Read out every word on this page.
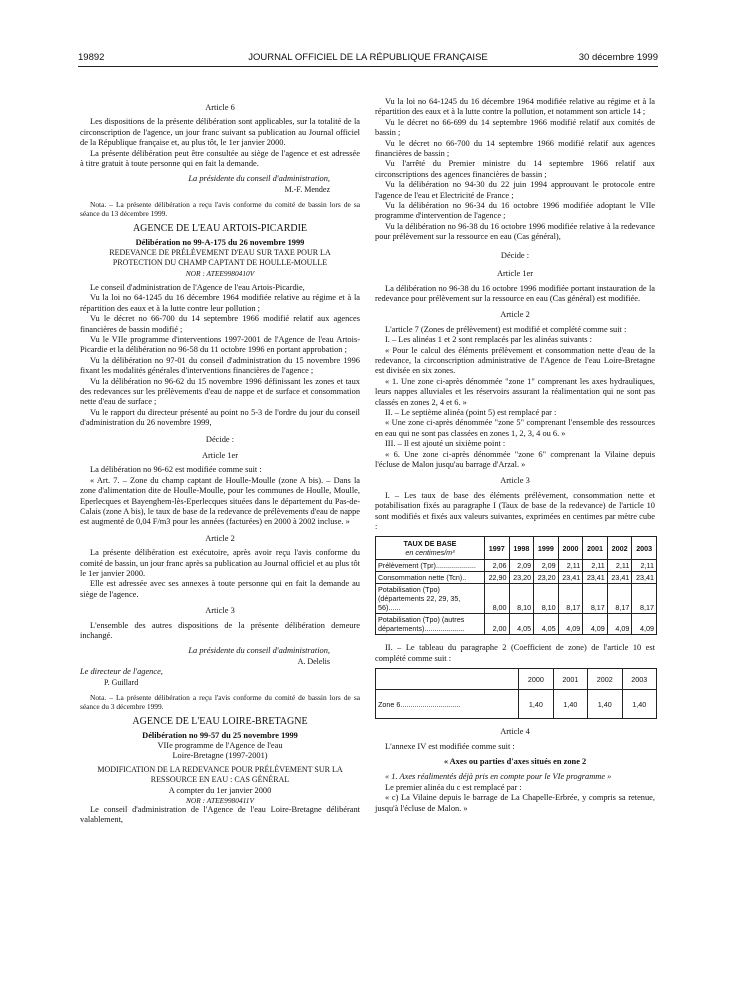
19892	JOURNAL OFFICIEL DE LA RÉPUBLIQUE FRANÇAISE	30 décembre 1999

Article 6

Les dispositions de la présente délibération sont applicables, sur la totalité de la circonscription de l'agence, un jour franc suivant sa publication au Journal officiel de la République française et, au plus tôt, le 1er janvier 2000.

La présente délibération peut être consultée au siège de l'agence et est adressée à titre gratuit à toute personne qui en fait la demande.

La présidente du conseil d'administration,

M.-F. Mendez

Nota. – La présente délibération a reçu l'avis conforme du comité de bassin lors de sa séance du 13 décembre 1999.

AGENCE DE L'EAU ARTOIS-PICARDIE

Délibération no 99-A-175 du 26 novembre 1999

REDEVANCE DE PRÉLÈVEMENT D'EAU SUR TAXE POUR LA PROTECTION DU CHAMP CAPTANT DE HOULLE-MOULLE

NOR : ATEE9980410V

Le conseil d'administration de l'Agence de l'eau Artois-Picardie,

Vu la loi no 64-1245 du 16 décembre 1964 modifiée relative au régime et à la répartition des eaux et à la lutte contre leur pollution ;

Vu le décret no 66-700 du 14 septembre 1966 modifié relatif aux agences financières de bassin modifié ;

Vu le VIIe programme d'interventions 1997-2001 de l'Agence de l'eau Artois-Picardie et la délibération no 96-58 du 11 octobre 1996 en portant approbation ;

Vu la délibération no 97-01 du conseil d'administration du 15 novembre 1996 fixant les modalités générales d'interventions financières de l'agence ;

Vu la délibération no 96-62 du 15 novembre 1996 définissant les zones et taux des redevances sur les prélèvements d'eau de nappe et de surface et consommation nette d'eau de surface ;

Vu le rapport du directeur présenté au point no 5-3 de l'ordre du jour du conseil d'administration du 26 novembre 1999,

Décide :

Article 1er

La délibération no 96-62 est modifiée comme suit :

« Art. 7. – Zone du champ captant de Houlle-Moulle (zone A bis). – Dans la zone d'alimentation dite de Houlle-Moulle, pour les communes de Houlle, Moulle, Eperlecques et Bayenghem-lès-Eperlecques situées dans le département du Pas-de-Calais (zone A bis), le taux de base de la redevance de prélèvements d'eau de nappe est augmenté de 0,04 F/m3 pour les années (facturées) en 2000 à 2002 incluse. »

Article 2

La présente délibération est exécutoire, après avoir reçu l'avis conforme du comité de bassin, un jour franc après sa publication au Journal officiel et au plus tôt le 1er janvier 2000.

Elle est adressée avec ses annexes à toute personne qui en fait la demande au siège de l'agence.

Article 3

L'ensemble des autres dispositions de la présente délibération demeure inchangé.

La présidente du conseil d'administration,

A. Delelis

Le directeur de l'agence,

P. Guillard

Nota. – La présente délibération a reçu l'avis conforme du comité de bassin lors de sa séance du 3 décembre 1999.

AGENCE DE L'EAU LOIRE-BRETAGNE

Délibération no 99-57 du 25 novembre 1999

VIIe programme de l'Agence de l'eau

Loire-Bretagne (1997-2001)

MODIFICATION DE LA REDEVANCE POUR PRÉLÈVEMENT SUR LA RESSOURCE EN EAU : CAS GÉNÉRAL

A compter du 1er janvier 2000

NOR : ATEE9980411V

Le conseil d'administration de l'Agence de l'eau Loire-Bretagne délibérant valablement,

Vu la loi no 64-1245 du 16 décembre 1964 modifiée relative au régime et à la répartition des eaux et à la lutte contre la pollution, et notamment son article 14 ;

Vu le décret no 66-699 du 14 septembre 1966 modifié relatif aux comités de bassin ;

Vu le décret no 66-700 du 14 septembre 1966 modifié relatif aux agences financières de bassin ;

Vu l'arrêté du Premier ministre du 14 septembre 1966 relatif aux circonscriptions des agences financières de bassin ;

Vu la délibération no 94-30 du 22 juin 1994 approuvant le protocole entre l'agence de l'eau et Electricité de France ;

Vu la délibération no 96-34 du 16 octobre 1996 modifiée adoptant le VIIe programme d'intervention de l'agence ;

Vu la délibération no 96-38 du 16 octobre 1996 modifiée relative à la redevance pour prélèvement sur la ressource en eau (Cas général),

Décide :

Article 1er

La délibération no 96-38 du 16 octobre 1996 modifiée portant instauration de la redevance pour prélèvement sur la ressource en eau (Cas général) est modifiée.

Article 2

L'article 7 (Zones de prélèvement) est modifié et complété comme suit :

I. – Les alinéas 1 et 2 sont remplacés par les alinéas suivants :

« Pour le calcul des éléments prélèvement et consommation nette d'eau de la redevance, la circonscription administrative de l'Agence de l'eau Loire-Bretagne est divisée en six zones.

« 1. Une zone ci-après dénommée "zone 1" comprenant les axes hydrauliques, leurs nappes alluviales et les réservoirs assurant la réalimentation qui ne sont pas classés en zones 2, 4 et 6. »

II. – Le septième alinéa (point 5) est remplacé par :

« Une zone ci-après dénommée "zone 5" comprenant l'ensemble des ressources en eau qui ne sont pas classées en zones 1, 2, 3, 4 ou 6. »

III. – Il est ajouté un sixième point :

« 6. Une zone ci-après dénommée "zone 6" comprenant la Vilaine depuis l'écluse de Malon jusqu'au barrage d'Arzal. »

Article 3

I. – Les taux de base des éléments prélèvement, consommation nette et potabilisation fixés au paragraphe I (Taux de base de la redevance) de l'article 10 sont modifiés et fixés aux valeurs suivantes, exprimées en centimes par mètre cube :

TAUX DE BASE
en centimes/m³	1997	1998	1999	2000	2001	2002	2003
Prélèvement (Tpr)....................	2,06	2,09	2,09	2,11	2,11	2,11	2,11
Consommation nette (Tcn)..	22,90	23,20	23,20	23,41	23,41	23,41	23,41
Potabilisation (Tpo) (départements 22, 29, 35, 56)......	8,00	8,10	8,10	8,17	8,17	8,17	8,17
Potabilisation (Tpo) (autres départements)....................	2,00	4,05	4,05	4,09	4,09	4,09	4,09

II. – Le tableau du paragraphe 2 (Coefficient de zone) de l'article 10 est complété comme suit :

	2000	2001	2002	2003
Zone 6..............................	1,40	1,40	1,40	1,40

Article 4

L'annexe IV est modifiée comme suit :

« Axes ou parties d'axes situés en zone 2

« 1. Axes réalimentés déjà pris en compte pour le VIe programme »

Le premier alinéa du c est remplacé par :

« c) La Vilaine depuis le barrage de La Chapelle-Erbrée, y compris sa retenue, jusqu'à l'écluse de Malon. »
